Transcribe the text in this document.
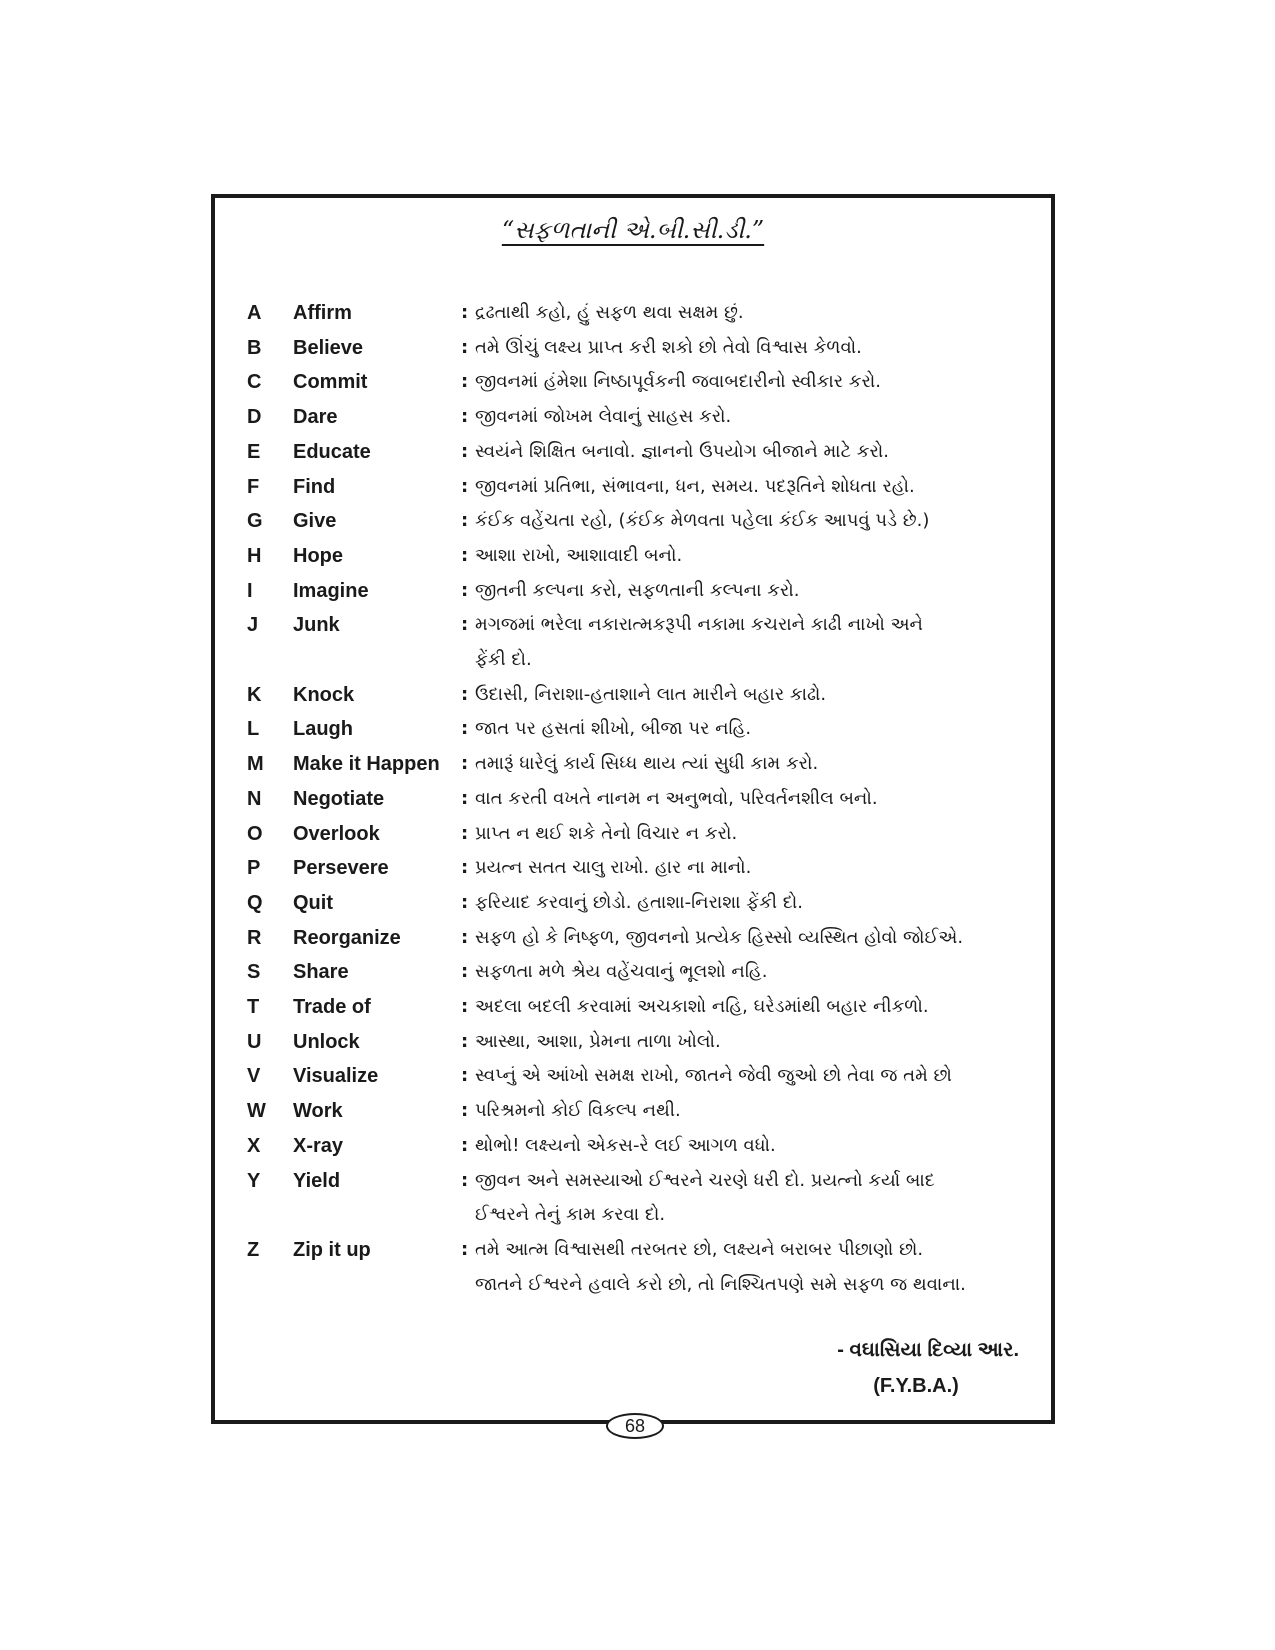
“સફળતાની એ.બી.સી.ડી.”
A	Affirm	: દ્રઢતાથી કહો, હું સફળ થવા સક્ષમ છું.
B	Believe	: તમે ઊંચું લક્ષ્ય પ્રાપ્ત કરી શકો છો તેવો વિશ્વાસ કેળવો.
C	Commit	: જીવનમાં હંમેશા નિષ્ઠાપૂર્વકની જવાબદારીનો સ્વીકાર કરો.
D	Dare	: જીવનમાં જોખમ લેવાનું સાહસ કરો.
E	Educate	: સ્વયંને શિક્ષિત બનાવો. જ્ઞાનનો ઉપયોગ બીજાને માટે કરો.
F	Find	: જીવનમાં પ્રતિભા, સંભાવના, ધન, સમય. પદરૂતિને શોધતા રહો.
G	Give	: કંઈક વહેંચતા રહો, (કંઈક મેળવતા પહેલા કંઈક આપવું પડે છે.)
H	Hope	: આશા રાખો, આશાવાદી બનો.
I	Imagine	: જીતની કલ્પના કરો, સફળતાની કલ્પના કરો.
J	Junk	: મગજમાં ભરેલા નકારાત્મકરૂપી નકામા કચરાને કાઢી નાખો અને
ફેંકી દો.
K	Knock	: ઉદાસી, નિરાશા-હતાશાને લાત મારીને બહાર કાઢો.
L	Laugh	: જાત પર હસતાં શીખો, બીજા પર નહિ.
M	Make it Happen	: તમારૂં ધારેલું કાર્ય સિધ્ધ થાય ત્યાં સુધી કામ કરો.
N	Negotiate	: વાત કરતી વખતે નાનમ ન અનુભવો, પરિવર્તનશીલ બનો.
O	Overlook	: પ્રાપ્ત ન થઈ શકે તેનો વિચાર ન કરો.
P	Persevere	: પ્રયત્ન સતત ચાલુ રાખો. હાર ના માનો.
Q	Quit	: ફરિયાદ કરવાનું છોડો. હતાશા-નિરાશા ફેંકી દો.
R	Reorganize	: સફળ હો કે નિષ્ફળ, જીવનનો પ્રત્યેક હિસ્સો વ્યસ્થિત હોવો જોઈએ.
S	Share	: સફળતા મળે શ્રેય વહેંચવાનું ભૂલશો નહિ.
T	Trade of	: અદલા બદલી કરવામાં અચકાશો નહિ, ઘરેડમાંથી બહાર નીકળો.
U	Unlock	: આસ્થા, આશા, પ્રેમના તાળા ખોલો.
V	Visualize	: સ્વપ્નું એ આંખો સમક્ષ રાખો, જાતને જેવી જુઓ છો તેવા જ તમે છો
W	Work	: પરિશ્રમનો કોઈ વિકલ્પ નથી.
X	X-ray	: થોભો! લક્ષ્યનો એકસ-રે લઈ આગળ વધો.
Y	Yield	: જીવન અને સમસ્યાઓ ઈશ્વરને ચરણે ધરી દો. પ્રયત્નો કર્યા બાદ
ઈશ્વરને તેનું કામ કરવા દો.
Z	Zip it up	: તમે આત્મ વિશ્વાસથી તરબતર છો, લક્ષ્યને બરાબર પીછાણો છો.
જાતને ઈશ્વરને હવાલે કરો છો, તો નિશ્ચિતપણે સમે સફળ જ થવાના.
- વઘાસિયા દિવ્યા આર.
(F.Y.B.A.)
68
